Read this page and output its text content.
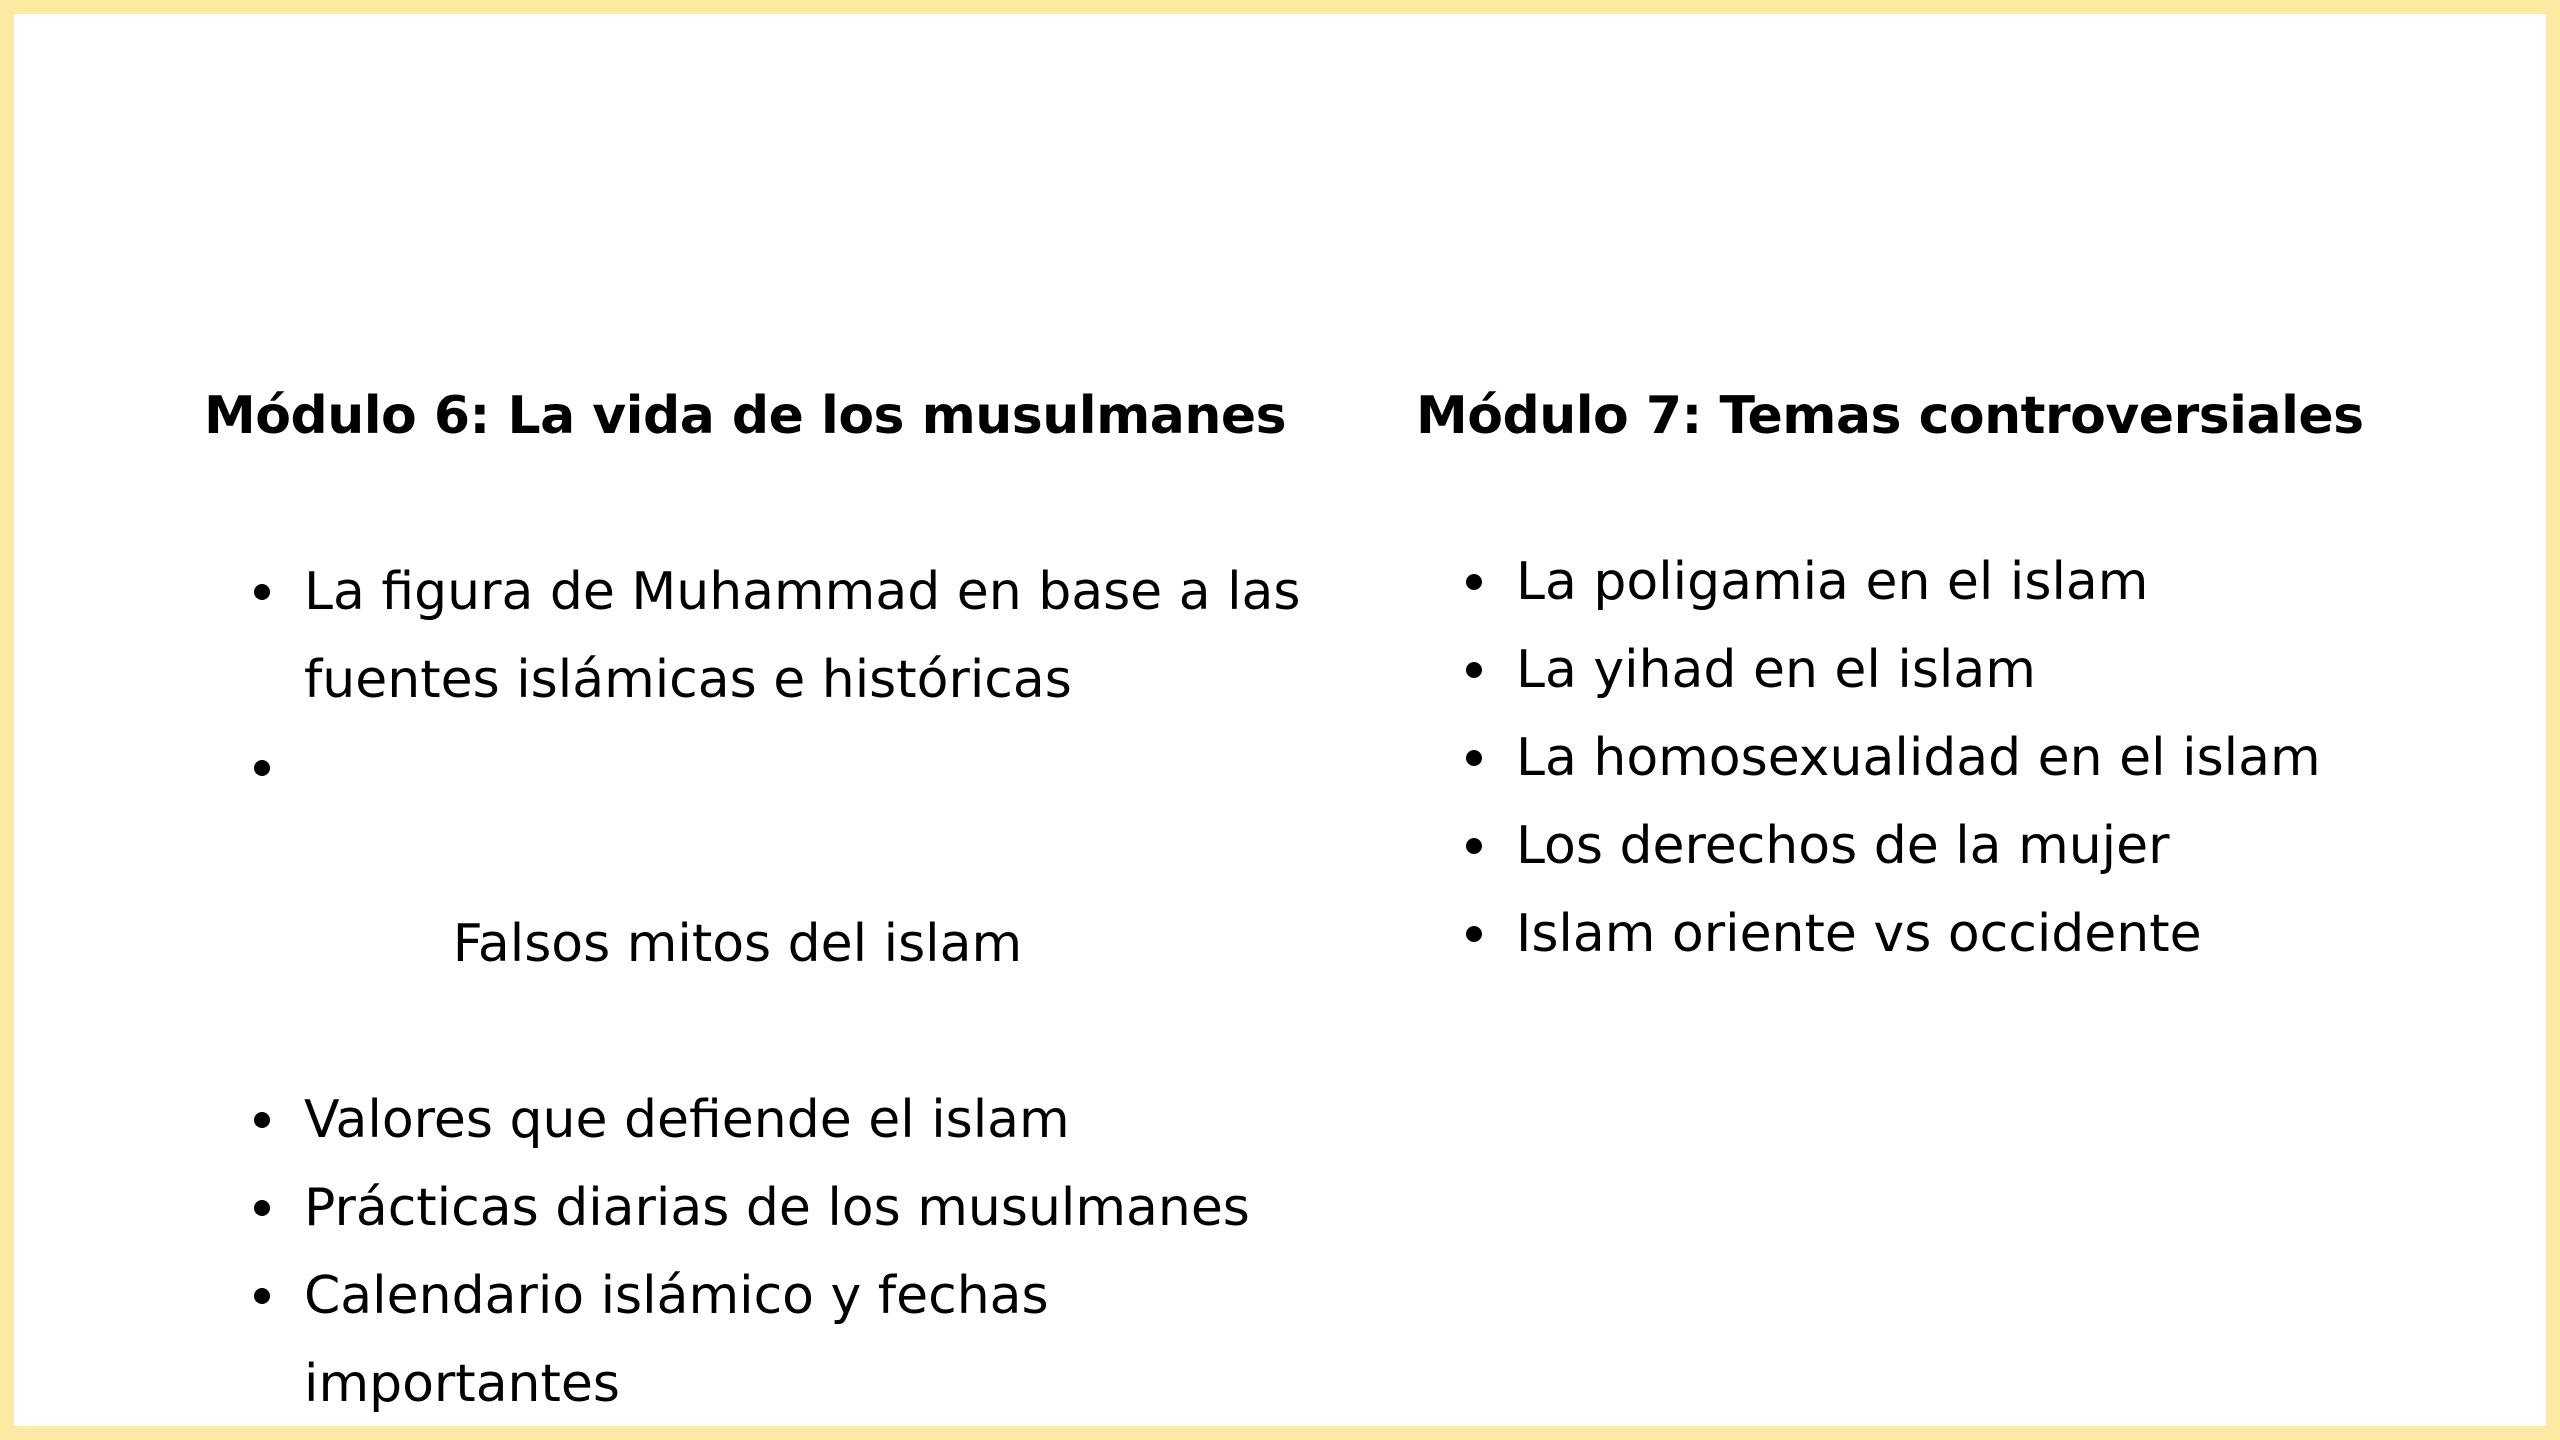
Módulo 6: La vida de los musulmanes
La figura de Muhammad en base a las fuentes islámicas e históricas

Falsos mitos del islam

Valores que defiende el islam
Prácticas diarias de los musulmanes
Calendario islámico y fechas importantes
Módulo 7: Temas controversiales
La poligamia en el islam
La yihad en el islam
La homosexualidad en el islam
Los derechos de la mujer
Islam oriente vs occidente
